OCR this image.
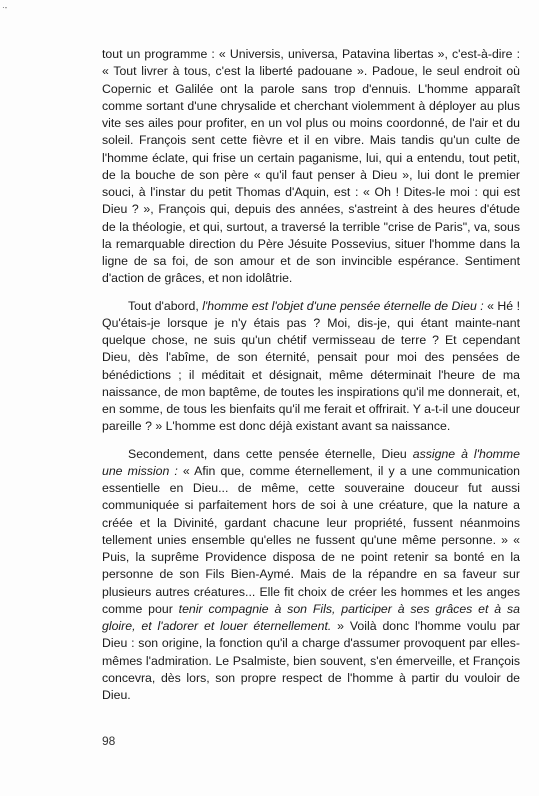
·-

tout un programme : « Universis, universa, Patavina libertas », c'est-à-dire : « Tout livrer à tous, c'est la liberté padouane ». Padoue, le seul endroit où Copernic et Galilée ont la parole sans trop d'ennuis. L'homme apparaît comme sortant d'une chrysalide et cherchant violemment à déployer au plus vite ses ailes pour profiter, en un vol plus ou moins coordonné, de l'air et du soleil. François sent cette fièvre et il en vibre. Mais tandis qu'un culte de l'homme éclate, qui frise un certain paganisme, lui, qui a entendu, tout petit, de la bouche de son père « qu'il faut penser à Dieu », lui dont le premier souci, à l'instar du petit Thomas d'Aquin, est : « Oh ! Dites-le moi : qui est Dieu ? », François qui, depuis des années, s'astreint à des heures d'étude de la théologie, et qui, surtout, a traversé la terrible "crise de Paris", va, sous la remarquable direction du Père Jésuite Possevius, situer l'homme dans la ligne de sa foi, de son amour et de son invincible espérance. Sentiment d'action de grâces, et non idolâtrie.

Tout d'abord, l'homme est l'objet d'une pensée éternelle de Dieu : « Hé ! Qu'étais-je lorsque je n'y étais pas ? Moi, dis-je, qui étant mainte-nant quelque chose, ne suis qu'un chétif vermisseau de terre ? Et cependant Dieu, dès l'abîme, de son éternité, pensait pour moi des pensées de bénédictions ; il méditait et désignait, même déterminait l'heure de ma naissance, de mon baptême, de toutes les inspirations qu'il me donnerait, et, en somme, de tous les bienfaits qu'il me ferait et offrirait. Y a-t-il une douceur pareille ? » L'homme est donc déjà existant avant sa naissance.

Secondement, dans cette pensée éternelle, Dieu assigne à l'homme une mission : « Afin que, comme éternellement, il y a une communication essentielle en Dieu... de même, cette souveraine douceur fut aussi communiquée si parfaitement hors de soi à une créature, que la nature a créée et la Divinité, gardant chacune leur propriété, fussent néanmoins tellement unies ensemble qu'elles ne fussent qu'une même personne. » « Puis, la suprême Providence disposa de ne point retenir sa bonté en la personne de son Fils Bien-Aymé. Mais de la répandre en sa faveur sur plusieurs autres créatures... Elle fit choix de créer les hommes et les anges comme pour tenir compagnie à son Fils, participer à ses grâces et à sa gloire, et l'adorer et louer éternellement. » Voilà donc l'homme voulu par Dieu : son origine, la fonction qu'il a charge d'assumer provoquent par elles-mêmes l'admiration. Le Psalmiste, bien souvent, s'en émerveille, et François concevra, dès lors, son propre respect de l'homme à partir du vouloir de Dieu.

98
